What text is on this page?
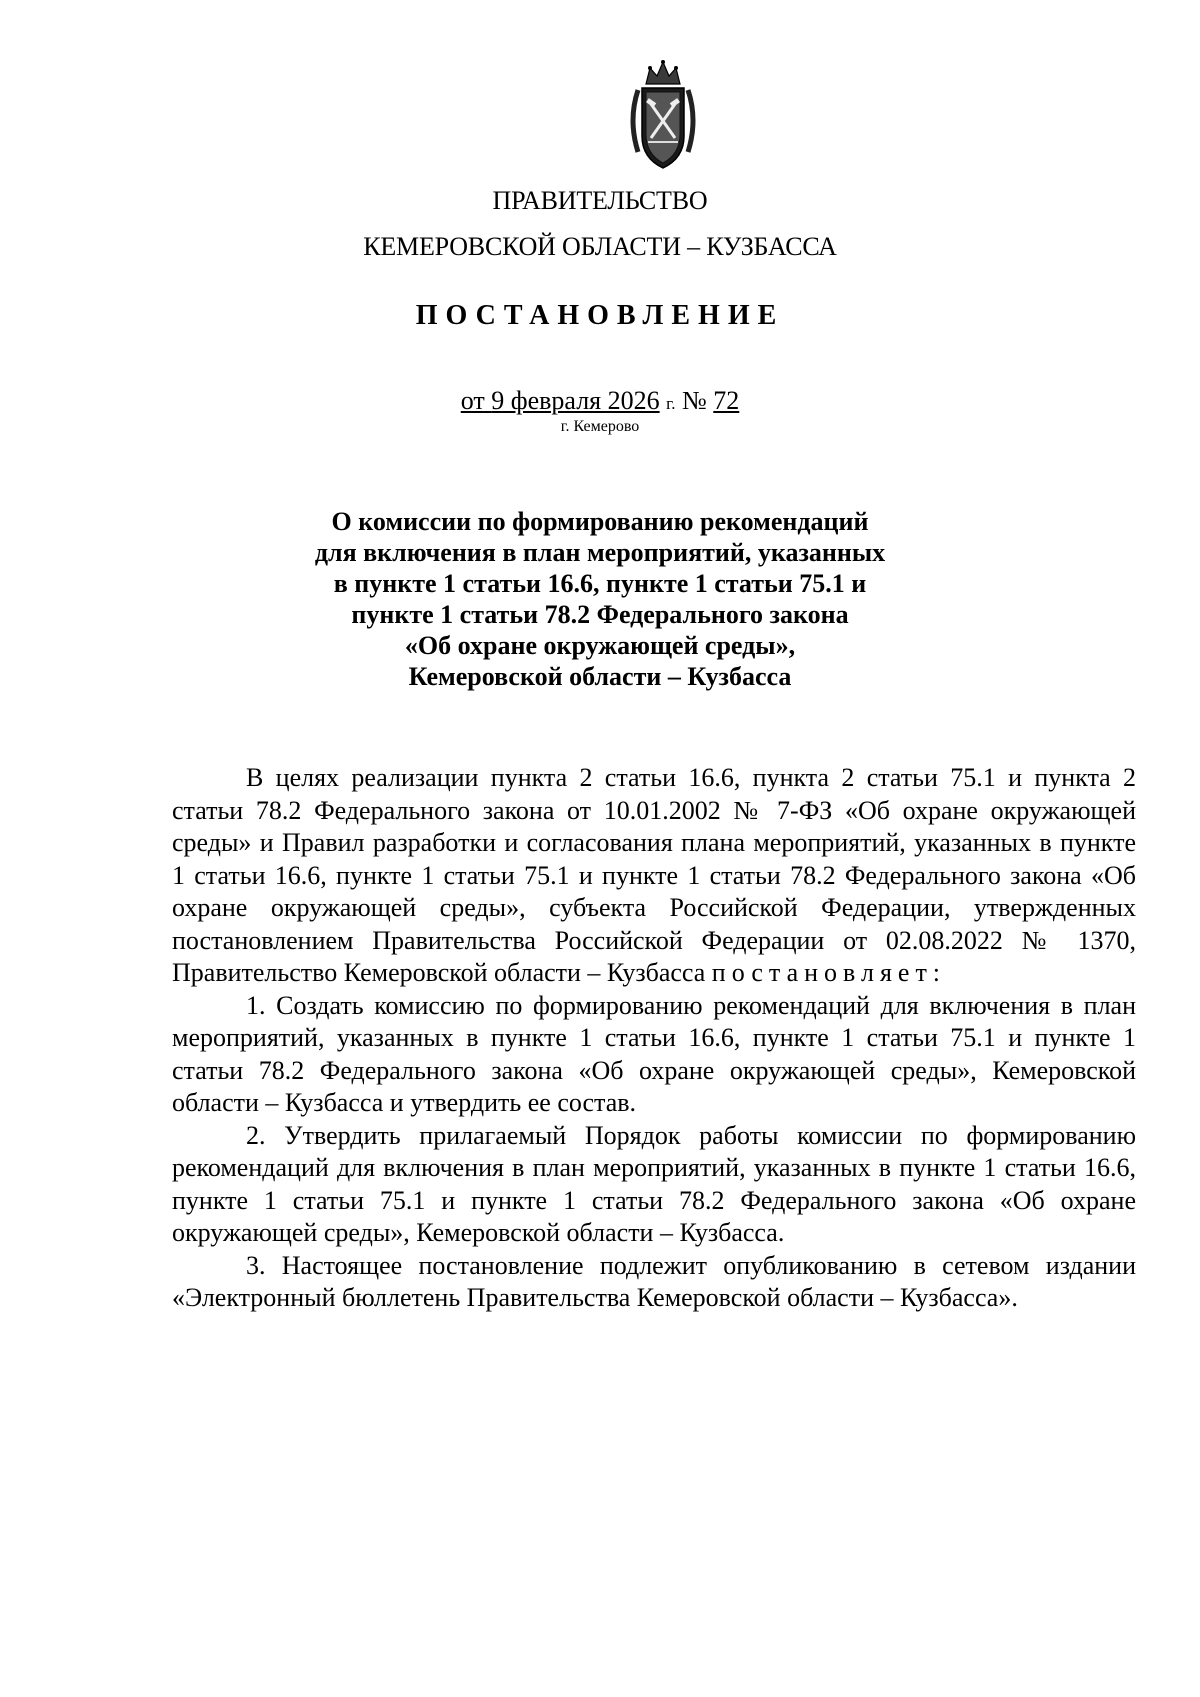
ПРАВИТЕЛЬСТВО
КЕМЕРОВСКОЙ ОБЛАСТИ – КУЗБАССА
ПОСТАНОВЛЕНИЕ
от 9 февраля 2026 г. № 72
г. Кемерово
О комиссии по формированию рекомендаций
для включения в план мероприятий, указанных
в пункте 1 статьи 16.6, пункте 1 статьи 75.1 и
пункте 1 статьи 78.2 Федерального закона
«Об охране окружающей среды»,
Кемеровской области – Кузбасса

В целях реализации пункта 2 статьи 16.6, пункта 2 статьи 75.1 и пункта 2 статьи 78.2 Федерального закона от 10.01.2002 № 7-ФЗ «Об охране окружающей среды» и Правил разработки и согласования плана мероприятий, указанных в пункте 1 статьи 16.6, пункте 1 статьи 75.1 и пункте 1 статьи 78.2 Федерального закона «Об охране окружающей среды», субъекта Российской Федерации, утвержденных постановлением Правительства Российской Федерации от 02.08.2022 № 1370, Правительство Кемеровской области – Кузбасса постановляет:

1. Создать комиссию по формированию рекомендаций для включения в план мероприятий, указанных в пункте 1 статьи 16.6, пункте 1 статьи 75.1 и пункте 1 статьи 78.2 Федерального закона «Об охране окружающей среды», Кемеровской области – Кузбасса и утвердить ее состав.

2. Утвердить прилагаемый Порядок работы комиссии по формированию рекомендаций для включения в план мероприятий, указанных в пункте 1 статьи 16.6, пункте 1 статьи 75.1 и пункте 1 статьи 78.2 Федерального закона «Об охране окружающей среды», Кемеровской области – Кузбасса.

3. Настоящее постановление подлежит опубликованию в сетевом издании «Электронный бюллетень Правительства Кемеровской области – Кузбасса».
